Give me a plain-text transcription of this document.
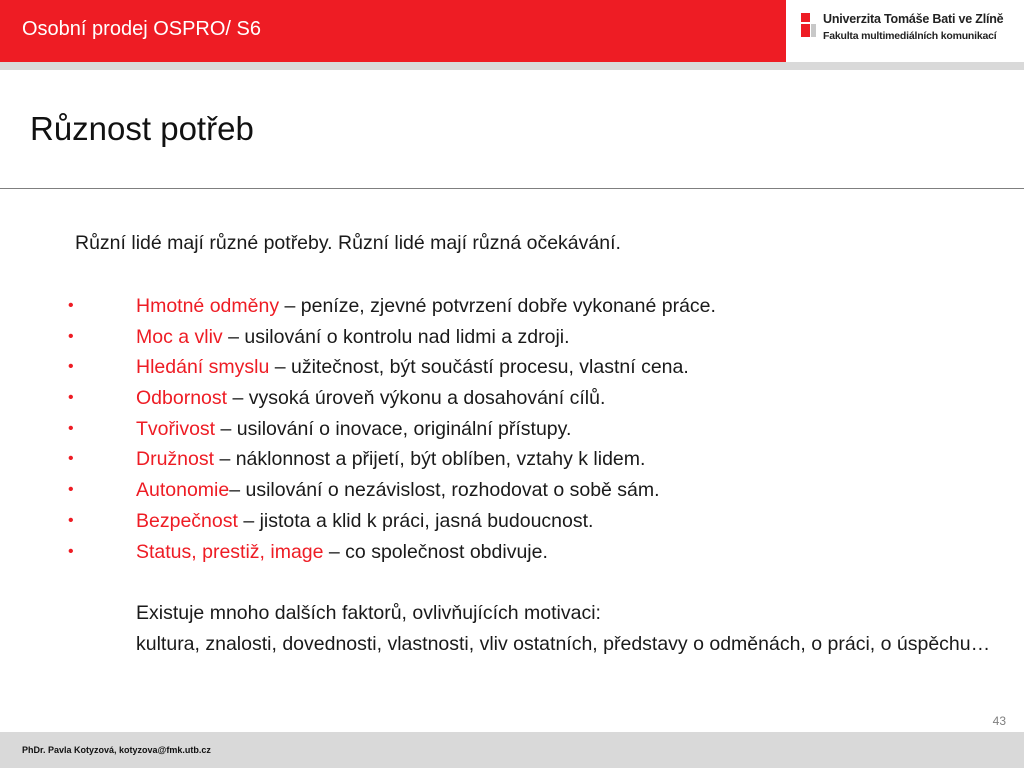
Osobní prodej OSPRO/ S6	Univerzita Tomáše Bati ve Zlíně
Fakulta multimediálních komunikací
Různost potřeb
Různí lidé mají různé potřeby. Různí lidé mají různá očekávání.
•	Hmotné odměny – peníze, zjevné potvrzení dobře vykonané práce.
•	Moc a vliv – usilování o kontrolu nad lidmi a zdroji.
•	Hledání smyslu – užitečnost, být součástí procesu, vlastní cena.
•	Odbornost – vysoká úroveň výkonu a dosahování cílů.
•	Tvořivost – usilování o inovace, originální přístupy.
•	Družnost – náklonnost a přijetí, být oblíben, vztahy k lidem.
•	Autonomie– usilování o nezávislost, rozhodovat o sobě sám.
•	Bezpečnost – jistota a klid k práci, jasná budoucnost.
•	Status, prestiž, image – co společnost obdivuje.

Existuje mnoho dalších faktorů, ovlivňujících motivaci:

kultura, znalosti, dovednosti, vlastnosti, vliv ostatních, představy o odměnách, o práci, o úspěchu…

43
PhDr. Pavla Kotyzová, kotyzova@fmk.utb.cz
